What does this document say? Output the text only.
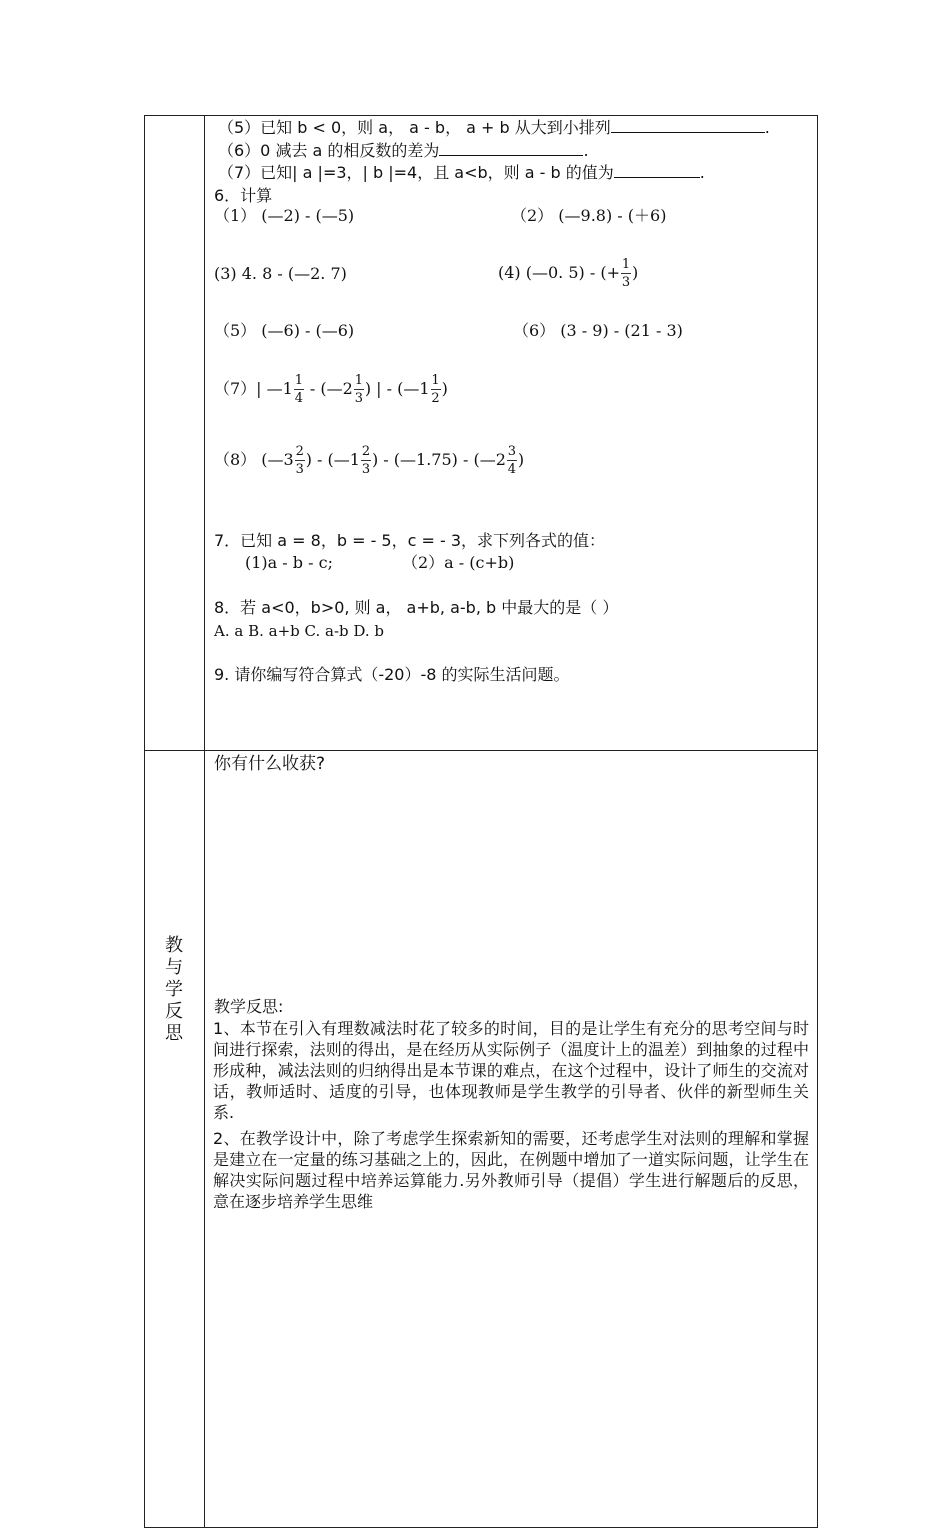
（5）已知 b < 0，则 a， a - b， a + b 从大到小排列	.
（6）0 减去 a 的相反数的差为	.
（7）已知| a |=3，| b |=4，且 a<b，则 a - b 的值为	.
6．计算
（1） (—2) - (—5)	（2） (—9.8) - (＋6)
(3) 4. 8 - (—2. 7)	(4) (—0. 5) - (+ $\frac{1}{3}$ )
（5） (—6) - (—6)	（6） (3 - 9) - (21 - 3)
（7）| —1 $\frac{1}{4}$ - (—2 $\frac{1}{3}$ ) | - (—1 $\frac{1}{2}$ )
（8） (—3 $\frac{2}{3}$ ) - (—1 $\frac{2}{3}$ ) - (—1.75) - (—2 $\frac{3}{4}$ )
7．已知 a = 8，b = - 5，c = - 3，求下列各式的值：
(1)a - b - c;	（2）a - (c+b)
8．若 a<0，b>0, 则 a， a+b, a-b, b 中最大的是（ ）
A. a B. a+b C. a-b D. b
9. 请你编写符合算式（-20）-8 的实际生活问题。
教
与
学
反
思
你有什么收获?
教学反思:
1、本节在引入有理数减法时花了较多的时间，目的是让学生有充分的思考空间与时间进行探索，法则的得出，是在经历从实际例子（温度计上的温差）到抽象的过程中形成种，减法法则的归纳得出是本节课的难点，在这个过程中，设计了师生的交流对话，教师适时、适度的引导，也体现教师是学生教学的引导者、伙伴的新型师生关系.
2、在教学设计中，除了考虑学生探索新知的需要，还考虑学生对法则的理解和掌握是建立在一定量的练习基础之上的，因此，在例题中增加了一道实际问题，让学生在解决实际问题过程中培养运算能力.另外教师引导（提倡）学生进行解题后的反思，意在逐步培养学生思维
